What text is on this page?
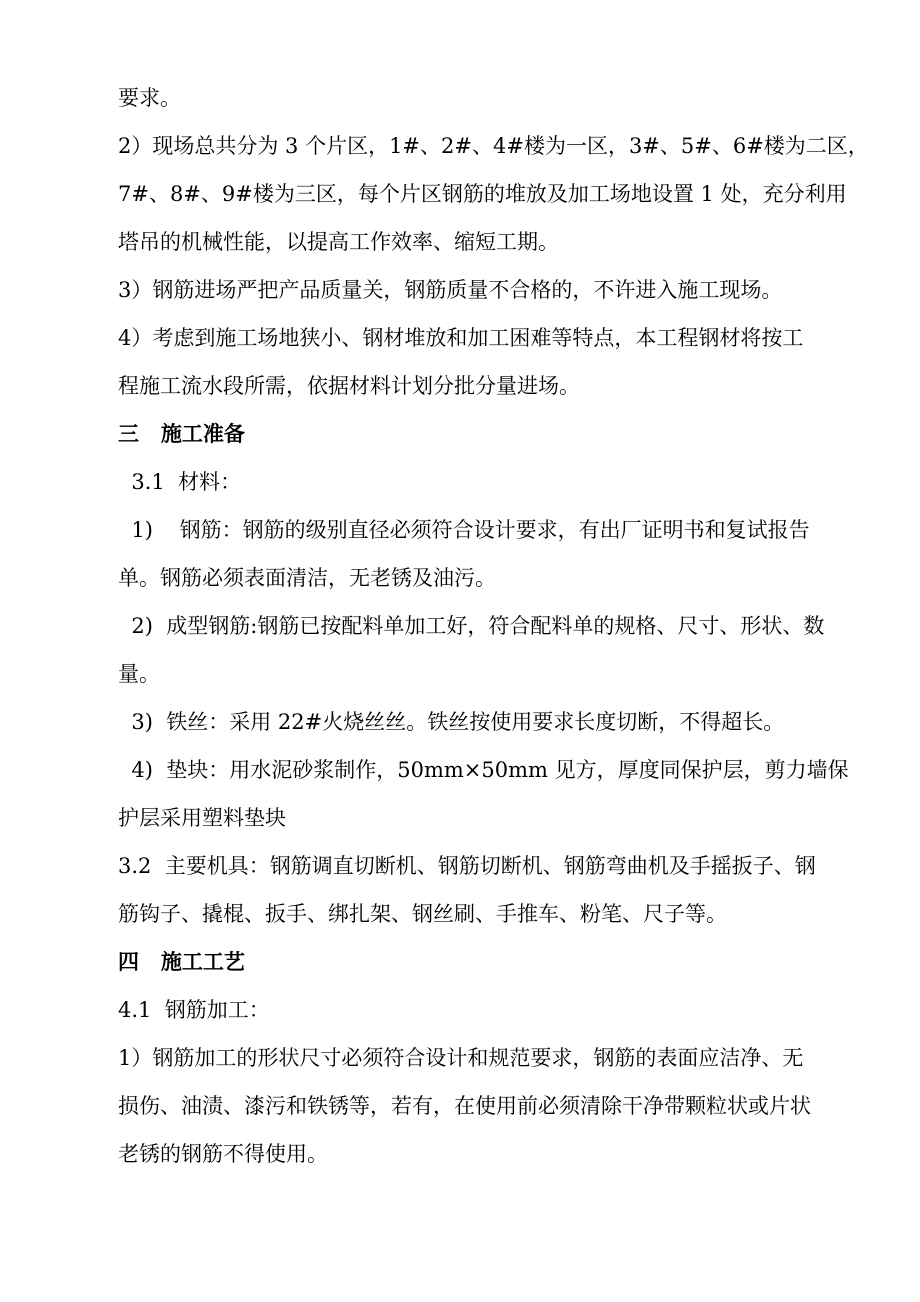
要求。
2）现场总共分为 3 个片区，1#、2#、4#楼为一区，3#、5#、6#楼为二区，
7#、8#、9#楼为三区，每个片区钢筋的堆放及加工场地设置 1 处，充分利用
塔吊的机械性能，以提高工作效率、缩短工期。
3）钢筋进场严把产品质量关，钢筋质量不合格的，不许进入施工现场。
4）考虑到施工场地狭小、钢材堆放和加工困难等特点，本工程钢材将按工
程施工流水段所需，依据材料计划分批分量进场。
三   施工准备
3.1  材料：
1)    钢筋：钢筋的级别直径必须符合设计要求，有出厂证明书和复试报告
单。钢筋必须表面清洁，无老锈及油污。
2)  成型钢筋:钢筋已按配料单加工好，符合配料单的规格、尺寸、形状、数
量。
3)  铁丝：采用 22#火烧丝丝。铁丝按使用要求长度切断，不得超长。
4)  垫块：用水泥砂浆制作，50mm×50mm 见方，厚度同保护层，剪力墙保
护层采用塑料垫块
3.2  主要机具：钢筋调直切断机、钢筋切断机、钢筋弯曲机及手摇扳子、钢
筋钩子、撬棍、扳手、绑扎架、钢丝刷、手推车、粉笔、尺子等。
四   施工工艺
4.1  钢筋加工：
1）钢筋加工的形状尺寸必须符合设计和规范要求，钢筋的表面应洁净、无
损伤、油渍、漆污和铁锈等，若有，在使用前必须清除干净带颗粒状或片状
老锈的钢筋不得使用。
